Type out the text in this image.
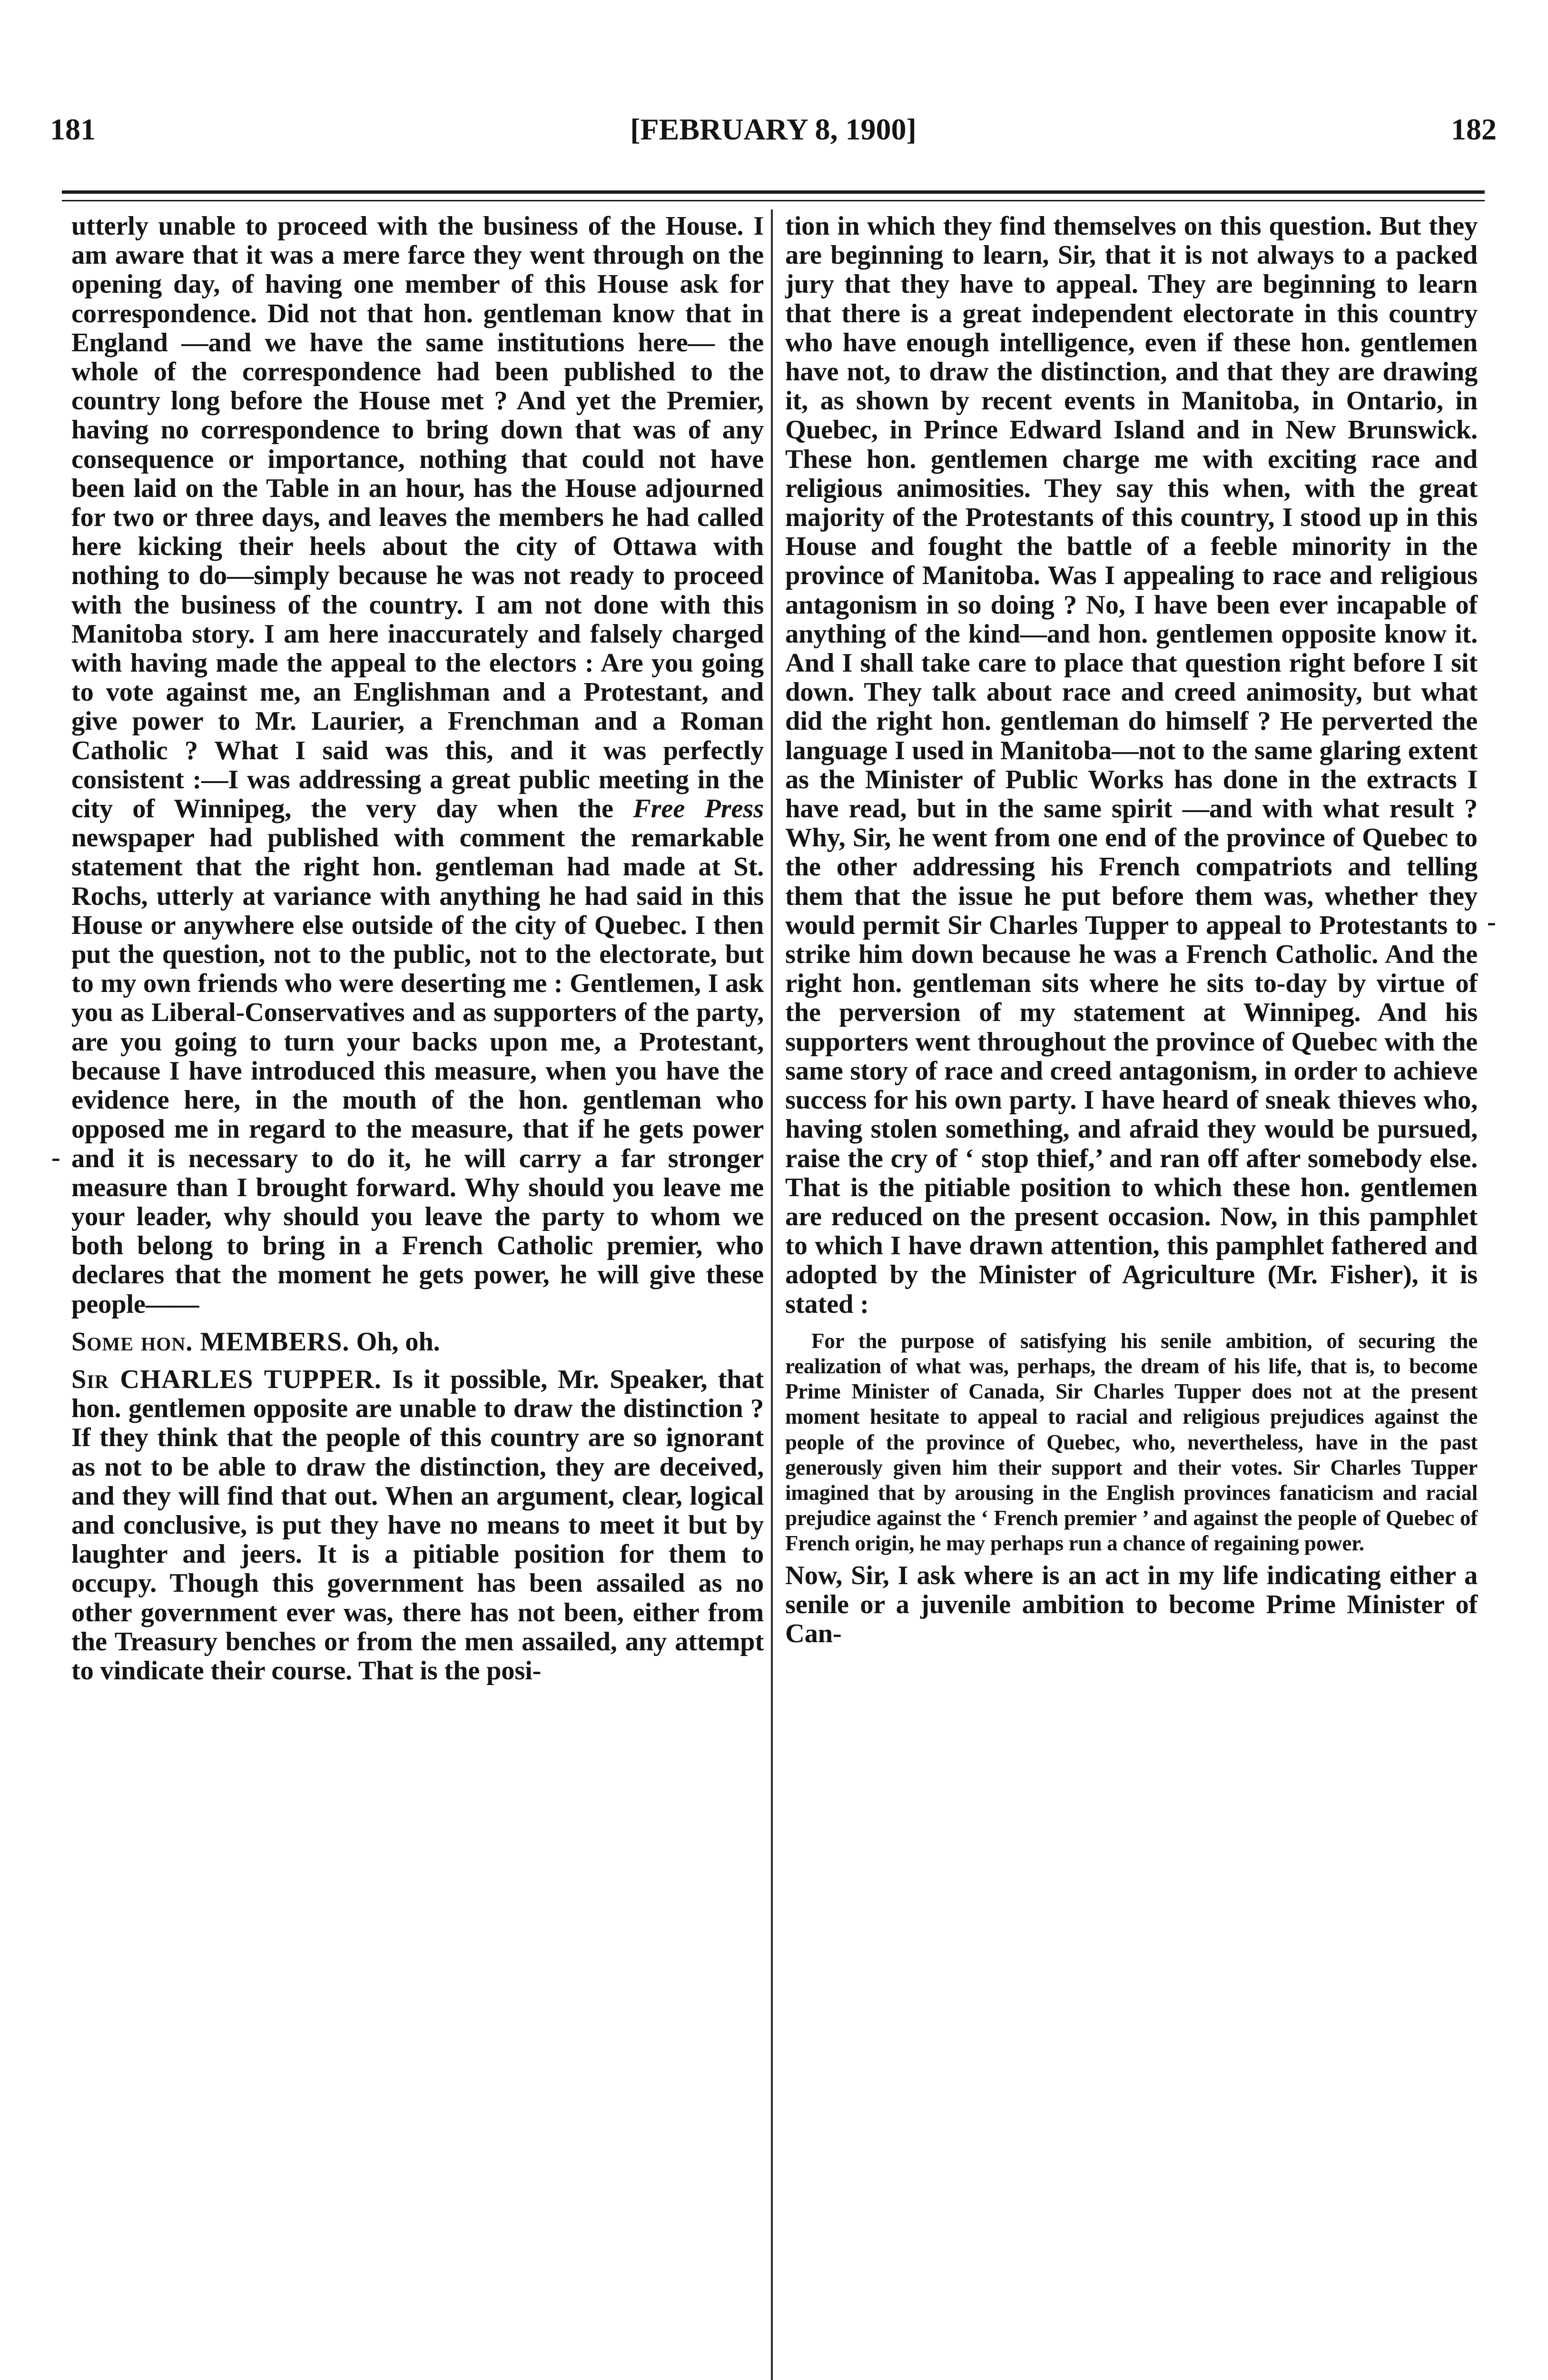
181	[FEBRUARY 8, 1900]	182
-
-

utterly unable to proceed with the business of the House. I am aware that it was a mere farce they went through on the opening day, of having one member of this House ask for correspondence. Did not that hon. gentleman know that in England —and we have the same institutions here— the whole of the correspondence had been published to the country long before the House met ? And yet the Premier, having no correspondence to bring down that was of any consequence or importance, nothing that could not have been laid on the Table in an hour, has the House adjourned for two or three days, and leaves the members he had called here kicking their heels about the city of Ottawa with nothing to do—simply because he was not ready to proceed with the business of the country. I am not done with this Manitoba story. I am here inaccurately and falsely charged with having made the appeal to the electors : Are you going to vote against me, an Englishman and a Protestant, and give power to Mr. Laurier, a Frenchman and a Roman Catholic ? What I said was this, and it was perfectly consistent :—I was addressing a great public meeting in the city of Winnipeg, the very day when the Free Press newspaper had published with comment the remarkable statement that the right hon. gentleman had made at St. Rochs, utterly at variance with anything he had said in this House or anywhere else outside of the city of Quebec. I then put the question, not to the public, not to the electorate, but to my own friends who were deserting me : Gentlemen, I ask you as Liberal-Conservatives and as supporters of the party, are you going to turn your backs upon me, a Protestant, because I have introduced this measure, when you have the evidence here, in the mouth of the hon. gentleman who opposed me in regard to the measure, that if he gets power and it is necessary to do it, he will carry a far stronger measure than I brought forward. Why should you leave me your leader, why should you leave the party to whom we both belong to bring in a French Catholic premier, who declares that the moment he gets power, he will give these people——

Some hon. MEMBERS. Oh, oh.

Sir CHARLES TUPPER. Is it possible, Mr. Speaker, that hon. gentlemen opposite are unable to draw the distinction ? If they think that the people of this country are so ignorant as not to be able to draw the distinction, they are deceived, and they will find that out. When an argument, clear, logical and conclusive, is put they have no means to meet it but by laughter and jeers. It is a pitiable position for them to occupy. Though this government has been assailed as no other government ever was, there has not been, either from the Treasury benches or from the men assailed, any attempt to vindicate their course. That is the posi-

tion in which they find themselves on this question. But they are beginning to learn, Sir, that it is not always to a packed jury that they have to appeal. They are beginning to learn that there is a great independent electorate in this country who have enough intelligence, even if these hon. gentlemen have not, to draw the distinction, and that they are drawing it, as shown by recent events in Manitoba, in Ontario, in Quebec, in Prince Edward Island and in New Brunswick. These hon. gentlemen charge me with exciting race and religious animosities. They say this when, with the great majority of the Protestants of this country, I stood up in this House and fought the battle of a feeble minority in the province of Manitoba. Was I appealing to race and religious antagonism in so doing ? No, I have been ever incapable of anything of the kind—and hon. gentlemen opposite know it. And I shall take care to place that question right before I sit down. They talk about race and creed animosity, but what did the right hon. gentleman do himself ? He perverted the language I used in Manitoba—not to the same glaring extent as the Minister of Public Works has done in the extracts I have read, but in the same spirit —and with what result ? Why, Sir, he went from one end of the province of Quebec to the other addressing his French compatriots and telling them that the issue he put before them was, whether they would permit Sir Charles Tupper to appeal to Protestants to strike him down because he was a French Catholic. And the right hon. gentleman sits where he sits to-day by virtue of the perversion of my statement at Winnipeg. And his supporters went throughout the province of Quebec with the same story of race and creed antagonism, in order to achieve success for his own party. I have heard of sneak thieves who, having stolen something, and afraid they would be pursued, raise the cry of ‘ stop thief,’ and ran off after somebody else. That is the pitiable position to which these hon. gentlemen are reduced on the present occasion. Now, in this pamphlet to which I have drawn attention, this pamphlet fathered and adopted by the Minister of Agriculture (Mr. Fisher), it is stated :

For the purpose of satisfying his senile ambition, of securing the realization of what was, perhaps, the dream of his life, that is, to become Prime Minister of Canada, Sir Charles Tupper does not at the present moment hesitate to appeal to racial and religious prejudices against the people of the province of Quebec, who, nevertheless, have in the past generously given him their support and their votes. Sir Charles Tupper imagined that by arousing in the English provinces fanaticism and racial prejudice against the ‘ French premier ’ and against the people of Quebec of French origin, he may perhaps run a chance of regaining power.

Now, Sir, I ask where is an act in my life indicating either a senile or a juvenile ambition to become Prime Minister of Can-
